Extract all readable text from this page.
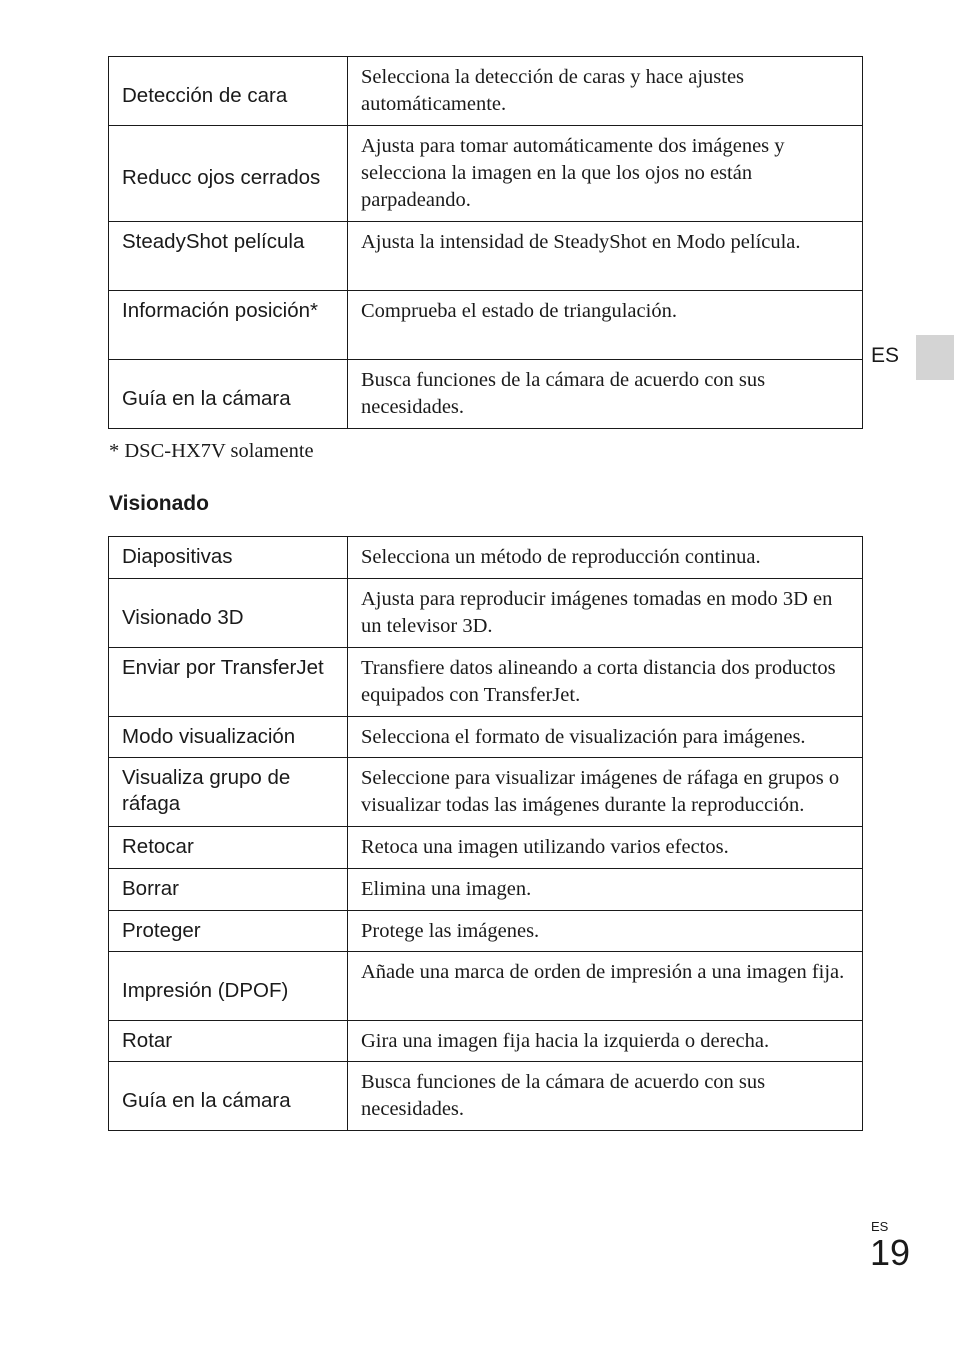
Detección de cara	Selecciona la detección de caras y hace ajustes automáticamente.
Reducc ojos cerrados	Ajusta para tomar automáticamente dos imágenes y selecciona la imagen en la que los ojos no están parpadeando.
SteadyShot película	Ajusta la intensidad de SteadyShot en Modo película.
Información posición*	Comprueba el estado de triangulación.
Guía en la cámara	Busca funciones de la cámara de acuerdo con sus necesidades.
* DSC-HX7V solamente
Visionado
Diapositivas	Selecciona un método de reproducción continua.
Visionado 3D	Ajusta para reproducir imágenes tomadas en modo 3D en un televisor 3D.
Enviar por TransferJet	Transfiere datos alineando a corta distancia dos productos equipados con TransferJet.
Modo visualización	Selecciona el formato de visualización para imágenes.
Visualiza grupo de ráfaga	Seleccione para visualizar imágenes de ráfaga en grupos o visualizar todas las imágenes durante la reproducción.
Retocar	Retoca una imagen utilizando varios efectos.
Borrar	Elimina una imagen.
Proteger	Protege las imágenes.
Impresión (DPOF)	Añade una marca de orden de impresión a una imagen fija.
Rotar	Gira una imagen fija hacia la izquierda o derecha.
Guía en la cámara	Busca funciones de la cámara de acuerdo con sus necesidades.
ES
ES
19
